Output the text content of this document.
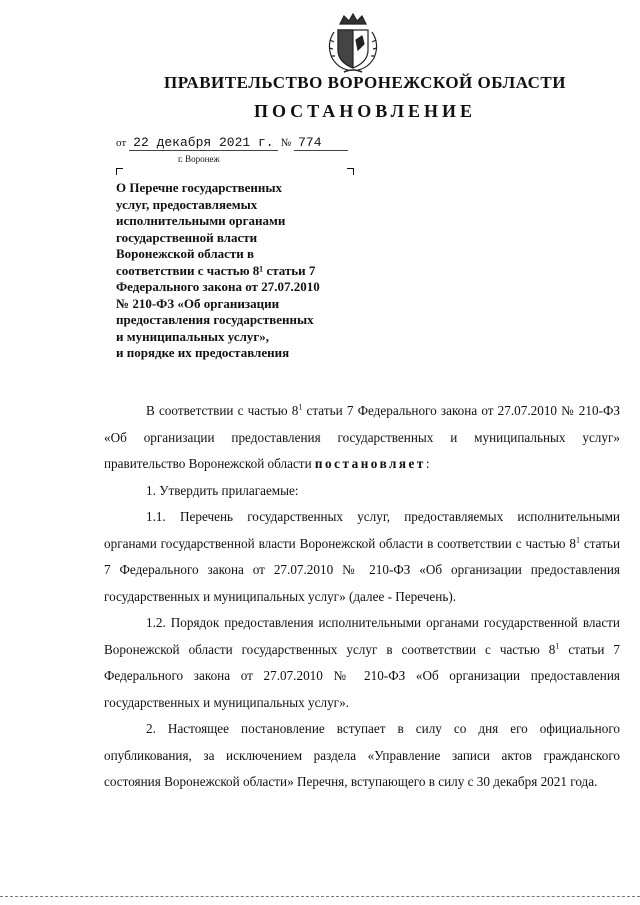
ПРАВИТЕЛЬСТВО ВОРОНЕЖСКОЙ ОБЛАСТИ
ПОСТАНОВЛЕНИЕ
от 22 декабря 2021 г. № 774
г. Воронеж
О Перечне государственных
услуг, предоставляемых
исполнительными органами
государственной власти
Воронежской области в
соответствии с частью 8¹ статьи 7
Федерального закона от 27.07.2010
№ 210-ФЗ «Об организации
предоставления государственных
и муниципальных услуг»,
и порядке их предоставления

В соответствии с частью $8^1$ статьи 7 Федерального закона от 27.07.2010 № 210-ФЗ «Об организации предоставления государственных и муниципальных услуг» правительство Воронежской области постановляет:

1. Утвердить прилагаемые:

1.1. Перечень государственных услуг, предоставляемых исполнительными органами государственной власти Воронежской области в соответствии с частью $8^1$ статьи 7 Федерального закона от 27.07.2010 № 210-ФЗ «Об организации предоставления государственных и муниципальных услуг» (далее - Перечень).

1.2. Порядок предоставления исполнительными органами государственной власти Воронежской области государственных услуг в соответствии с частью $8^1$ статьи 7 Федерального закона от 27.07.2010 № 210-ФЗ «Об организации предоставления государственных и муниципальных услуг».

2. Настоящее постановление вступает в силу со дня его официального опубликования, за исключением раздела «Управление записи актов гражданского состояния Воронежской области» Перечня, вступающего в силу с 30 декабря 2021 года.
